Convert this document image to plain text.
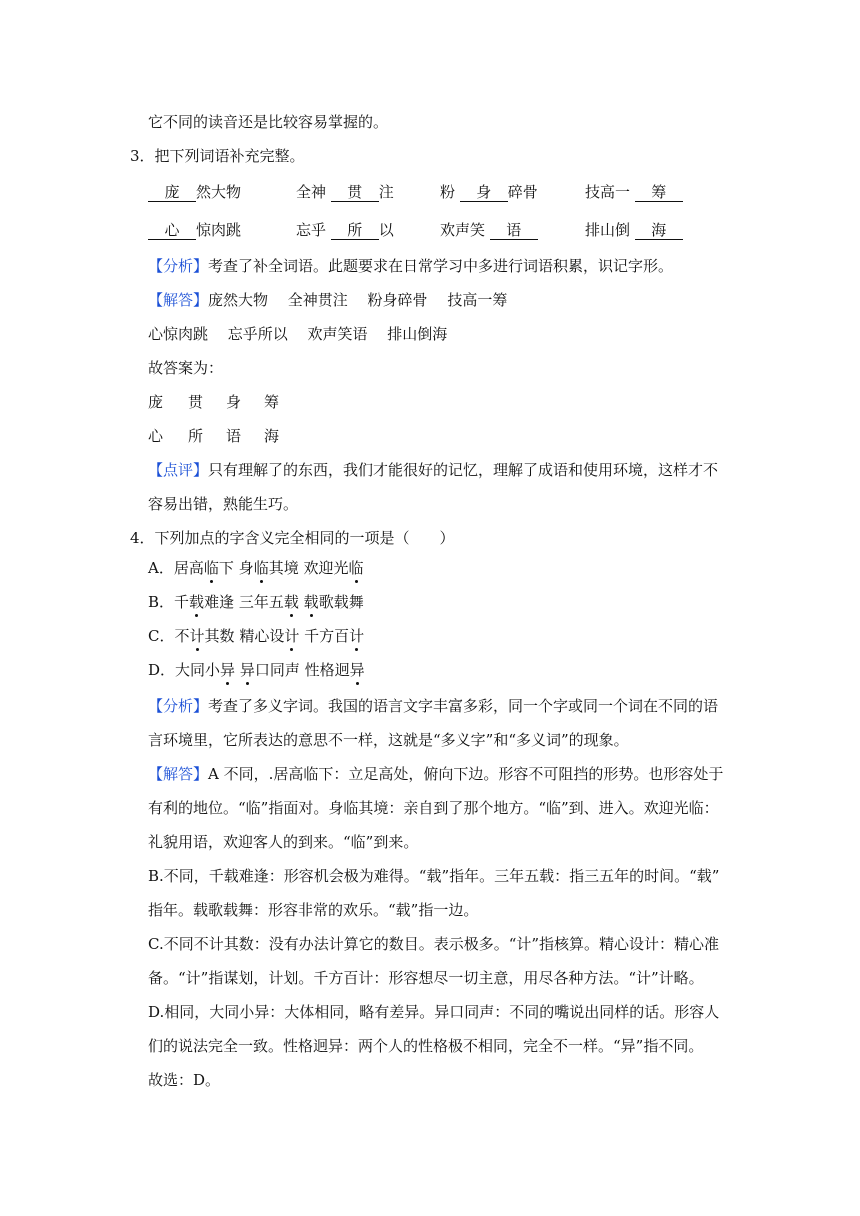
它不同的读音还是比较容易掌握的。
3．把下列词语补充完整。
庞 然大物	全神 贯 注	粉 身 碎骨	技高一 筹
心 惊肉跳	忘乎 所 以	欢声笑 语	排山倒 海
【分析】考查了补全词语。此题要求在日常学习中多进行词语积累，识记字形。
【解答】庞然大物　 全神贯注　 粉身碎骨　 技高一筹
心惊肉跳　 忘乎所以　 欢声笑语　 排山倒海
故答案为：
庞 贯 身 筹
心 所 语 海
【点评】只有理解了的东西，我们才能很好的记忆，理解了成语和使用环境，这样才不
容易出错，熟能生巧。
4．下列加点的字含义完全相同的一项是（　　）
A．居高临下 身临其境 欢迎光临
B．千载难逢 三年五载 载歌载舞
C．不计其数 精心设计 千方百计
D．大同小异 异口同声 性格迥异
【分析】考查了多义字词。我国的语言文字丰富多彩，同一个字或同一个词在不同的语
言环境里，它所表达的意思不一样，这就是“多义字”和“多义词”的现象。
【解答】A 不同，.居高临下：立足高处，俯向下边。形容不可阻挡的形势。也形容处于
有利的地位。“临”指面对。身临其境：亲自到了那个地方。“临”到、进入。欢迎光临：
礼貌用语，欢迎客人的到来。“临”到来。
B.不同，千载难逢：形容机会极为难得。“载”指年。三年五载：指三五年的时间。“载”
指年。载歌载舞：形容非常的欢乐。“载”指一边。
C.不同不计其数：没有办法计算它的数目。表示极多。“计”指核算。精心设计：精心准
备。“计”指谋划，计划。千方百计：形容想尽一切主意，用尽各种方法。“计”计略。
D.相同，大同小异：大体相同，略有差异。异口同声：不同的嘴说出同样的话。形容人
们的说法完全一致。性格迥异：两个人的性格极不相同，完全不一样。“异”指不同。
故选：D。
